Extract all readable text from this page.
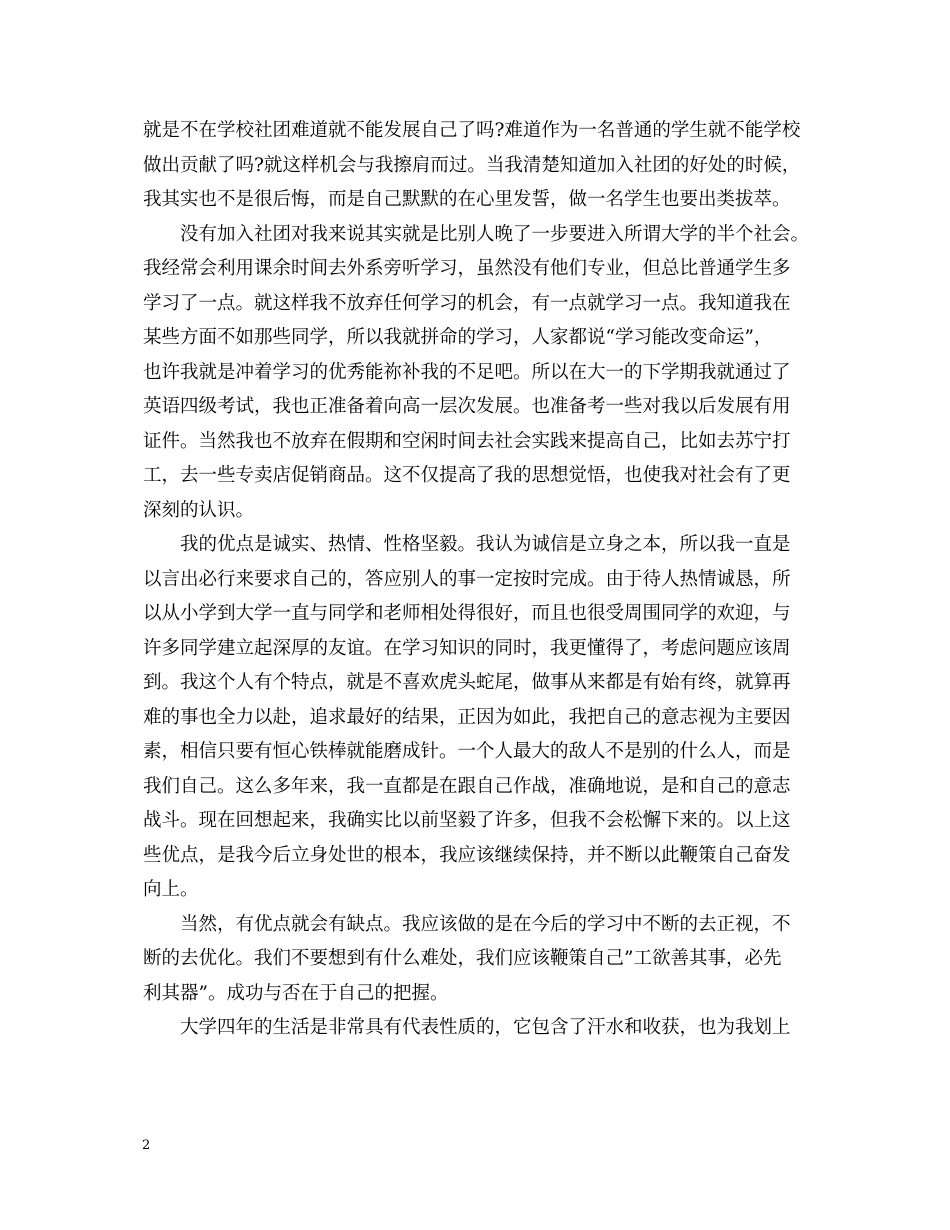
就是不在学校社团难道就不能发展自己了吗?难道作为一名普通的学生就不能学校
做出贡献了吗?就这样机会与我擦肩而过。当我清楚知道加入社团的好处的时候，
我其实也不是很后悔，而是自己默默的在心里发誓，做一名学生也要出类拔萃。
没有加入社团对我来说其实就是比别人晚了一步要进入所谓大学的半个社会。
我经常会利用课余时间去外系旁听学习，虽然没有他们专业，但总比普通学生多
学习了一点。就这样我不放弃任何学习的机会，有一点就学习一点。我知道我在
某些方面不如那些同学，所以我就拼命的学习，人家都说“学习能改变命运”，
也许我就是冲着学习的优秀能祢补我的不足吧。所以在大一的下学期我就通过了
英语四级考试，我也正准备着向高一层次发展。也准备考一些对我以后发展有用
证件。当然我也不放弃在假期和空闲时间去社会实践来提高自己，比如去苏宁打
工，去一些专卖店促销商品。这不仅提高了我的思想觉悟，也使我对社会有了更
深刻的认识。
我的优点是诚实、热情、性格坚毅。我认为诚信是立身之本，所以我一直是
以言出必行来要求自己的，答应别人的事一定按时完成。由于待人热情诚恳，所
以从小学到大学一直与同学和老师相处得很好，而且也很受周围同学的欢迎，与
许多同学建立起深厚的友谊。在学习知识的同时，我更懂得了，考虑问题应该周
到。我这个人有个特点，就是不喜欢虎头蛇尾，做事从来都是有始有终，就算再
难的事也全力以赴，追求最好的结果，正因为如此，我把自己的意志视为主要因
素，相信只要有恒心铁棒就能磨成针。一个人最大的敌人不是别的什么人，而是
我们自己。这么多年来，我一直都是在跟自己作战，准确地说，是和自己的意志
战斗。现在回想起来，我确实比以前坚毅了许多，但我不会松懈下来的。以上这
些优点，是我今后立身处世的根本，我应该继续保持，并不断以此鞭策自己奋发
向上。
当然，有优点就会有缺点。我应该做的是在今后的学习中不断的去正视，不
断的去优化。我们不要想到有什么难处，我们应该鞭策自己”工欲善其事，必先
利其器”。成功与否在于自己的把握。
大学四年的生活是非常具有代表性质的，它包含了汗水和收获，也为我划上
2
